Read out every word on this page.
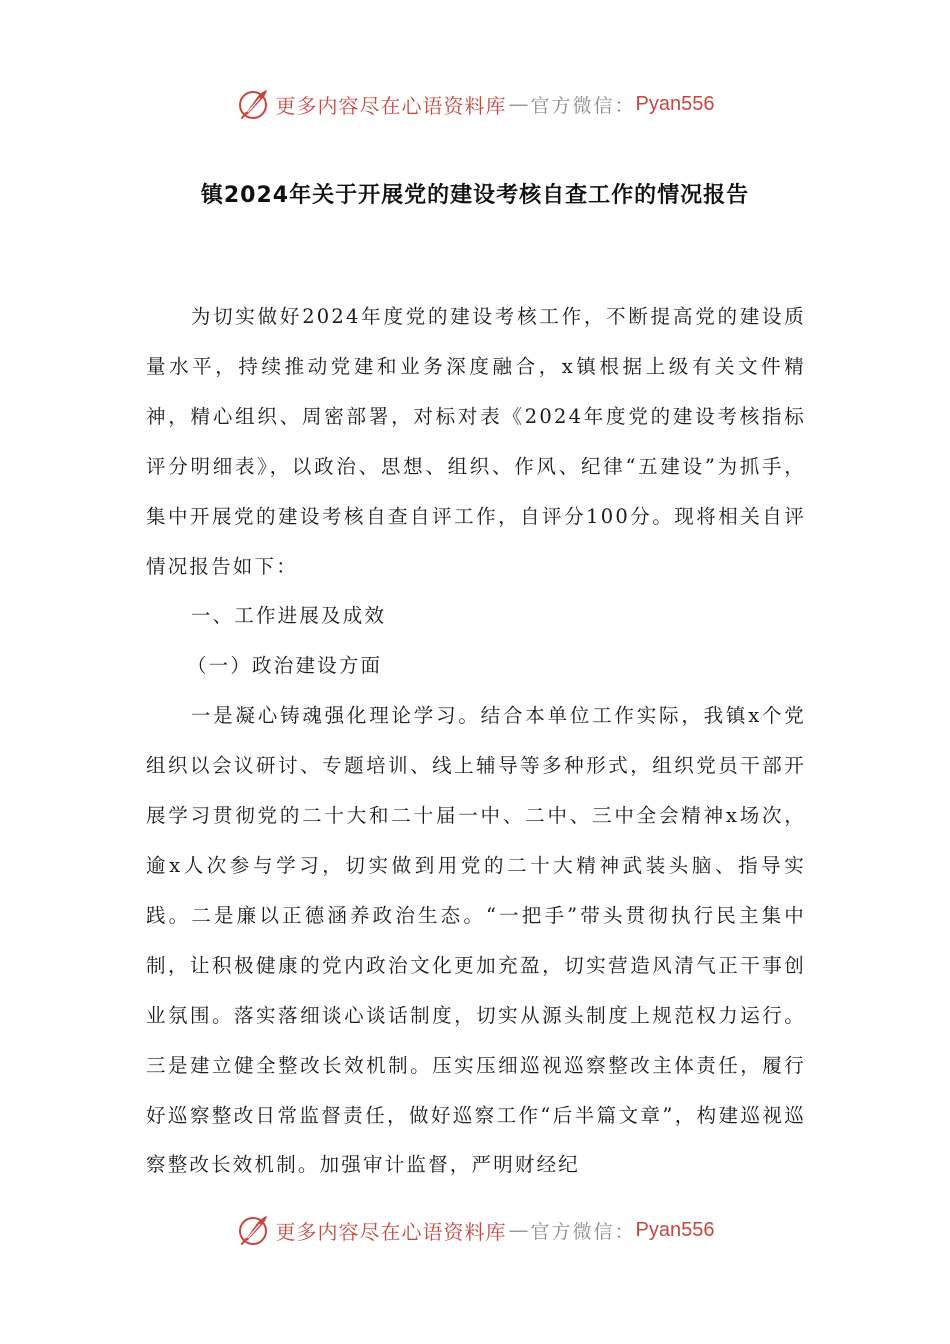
更多内容尽在心语资料库 — 官方微信： Pyan556
镇2024年关于开展党的建设考核自查工作的情况报告

为切实做好2024年度党的建设考核工作，不断提高党的建设质量水平，持续推动党建和业务深度融合，x镇根据上级有关文件精神，精心组织、周密部署，对标对表《2024年度党的建设考核指标评分明细表》，以政治、思想、组织、作风、纪律“五建设”为抓手，集中开展党的建设考核自查自评工作，自评分100分。现将相关自评情况报告如下：

一、工作进展及成效

（一）政治建设方面

一是凝心铸魂强化理论学习。结合本单位工作实际，我镇x个党组织以会议研讨、专题培训、线上辅导等多种形式，组织党员干部开展学习贯彻党的二十大和二十届一中、二中、三中全会精神x场次，逾x人次参与学习，切实做到用党的二十大精神武装头脑、指导实践。二是廉以正德涵养政治生态。“一把手”带头贯彻执行民主集中制，让积极健康的党内政治文化更加充盈，切实营造风清气正干事创业氛围。落实落细谈心谈话制度，切实从源头制度上规范权力运行。三是建立健全整改长效机制。压实压细巡视巡察整改主体责任，履行好巡察整改日常监督责任，做好巡察工作“后半篇文章”，构建巡视巡察整改长效机制。加强审计监督，严明财经纪

更多内容尽在心语资料库 — 官方微信： Pyan556
